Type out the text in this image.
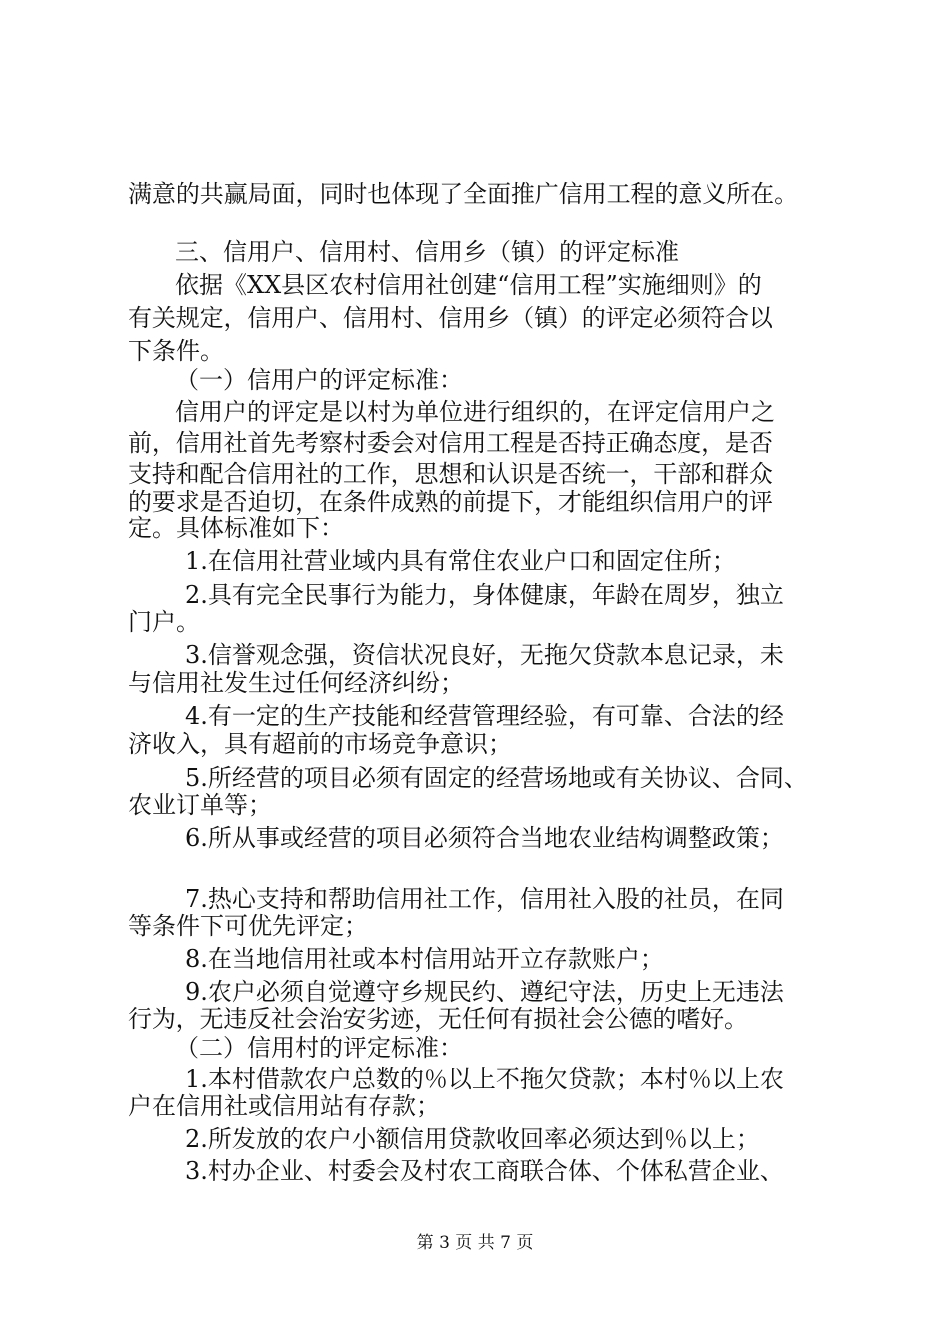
满意的共赢局面，同时也体现了全面推广信用工程的意义所在。
三、信用户、信用村、信用乡（镇）的评定标准
依据《XX县区农村信用社创建“信用工程”实施细则》的
有关规定，信用户、信用村、信用乡（镇）的评定必须符合以
下条件。
（一）信用户的评定标准：
信用户的评定是以村为单位进行组织的，在评定信用户之
前，信用社首先考察村委会对信用工程是否持正确态度，是否
支持和配合信用社的工作，思想和认识是否统一，干部和群众
的要求是否迫切，在条件成熟的前提下，才能组织信用户的评
定。具体标准如下：
1.在信用社营业域内具有常住农业户口和固定住所；
2.具有完全民事行为能力，身体健康，年龄在周岁，独立
门户。
3.信誉观念强，资信状况良好，无拖欠贷款本息记录，未
与信用社发生过任何经济纠纷；
4.有一定的生产技能和经营管理经验，有可靠、合法的经
济收入，具有超前的市场竞争意识；
5.所经营的项目必须有固定的经营场地或有关协议、合同、
农业订单等；
6.所从事或经营的项目必须符合当地农业结构调整政策；
7.热心支持和帮助信用社工作，信用社入股的社员，在同
等条件下可优先评定；
8.在当地信用社或本村信用站开立存款账户；
9.农户必须自觉遵守乡规民约、遵纪守法，历史上无违法
行为，无违反社会治安劣迹，无任何有损社会公德的嗜好。
（二）信用村的评定标准：
1.本村借款农户总数的％以上不拖欠贷款；本村％以上农
户在信用社或信用站有存款；
2.所发放的农户小额信用贷款收回率必须达到％以上；
3.村办企业、村委会及村农工商联合体、个体私营企业、
第 3 页 共 7 页
